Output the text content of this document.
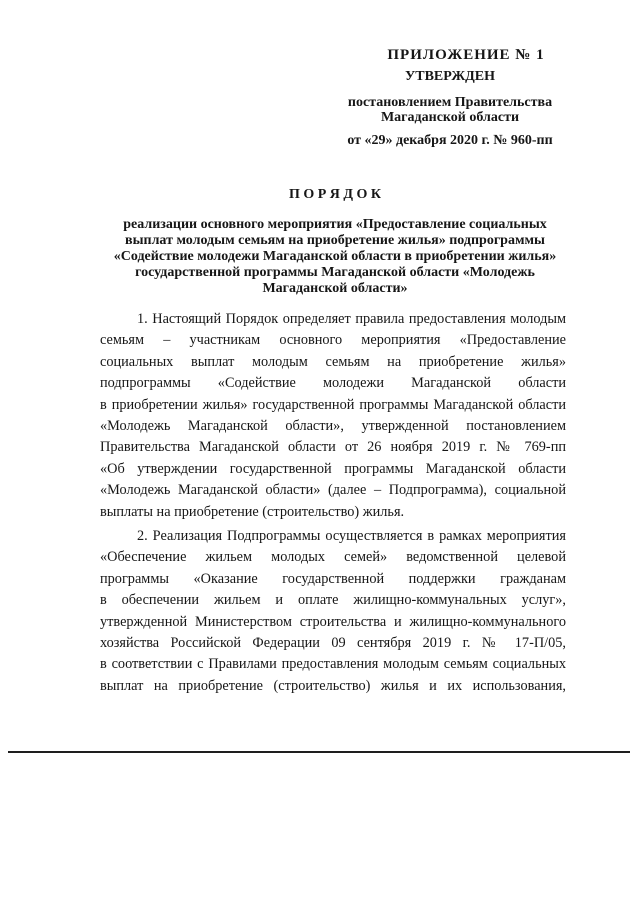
ПРИЛОЖЕНИЕ № 1
УТВЕРЖДЕН
постановлением Правительства
Магаданской области
от «29» декабря 2020 г. № 960-пп
П О Р Я Д О К
реализации основного мероприятия «Предоставление социальных
выплат молодым семьям на приобретение жилья» подпрограммы
«Содействие молодежи Магаданской области в приобретении жилья»
государственной программы Магаданской области «Молодежь
Магаданской области»
1. Настоящий Порядок определяет правила предоставления молодым
семьям – участникам основного мероприятия «Предоставление
социальных выплат молодым семьям на приобретение жилья»
подпрограммы «Содействие молодежи Магаданской области
в приобретении жилья» государственной программы Магаданской области
«Молодежь Магаданской области», утвержденной постановлением
Правительства Магаданской области от 26 ноября 2019 г. № 769-пп
«Об утверждении государственной программы Магаданской области
«Молодежь Магаданской области» (далее – Подпрограмма), социальной
выплаты на приобретение (строительство) жилья.
2. Реализация Подпрограммы осуществляется в рамках мероприятия
«Обеспечение жильем молодых семей» ведомственной целевой
программы «Оказание государственной поддержки гражданам
в обеспечении жильем и оплате жилищно-коммунальных услуг»,
утвержденной Министерством строительства и жилищно-коммунального
хозяйства Российской Федерации 09 сентября 2019 г. № 17-П/05,
в соответствии с Правилами предоставления молодым семьям социальных
выплат на приобретение (строительство) жилья и их использования,
